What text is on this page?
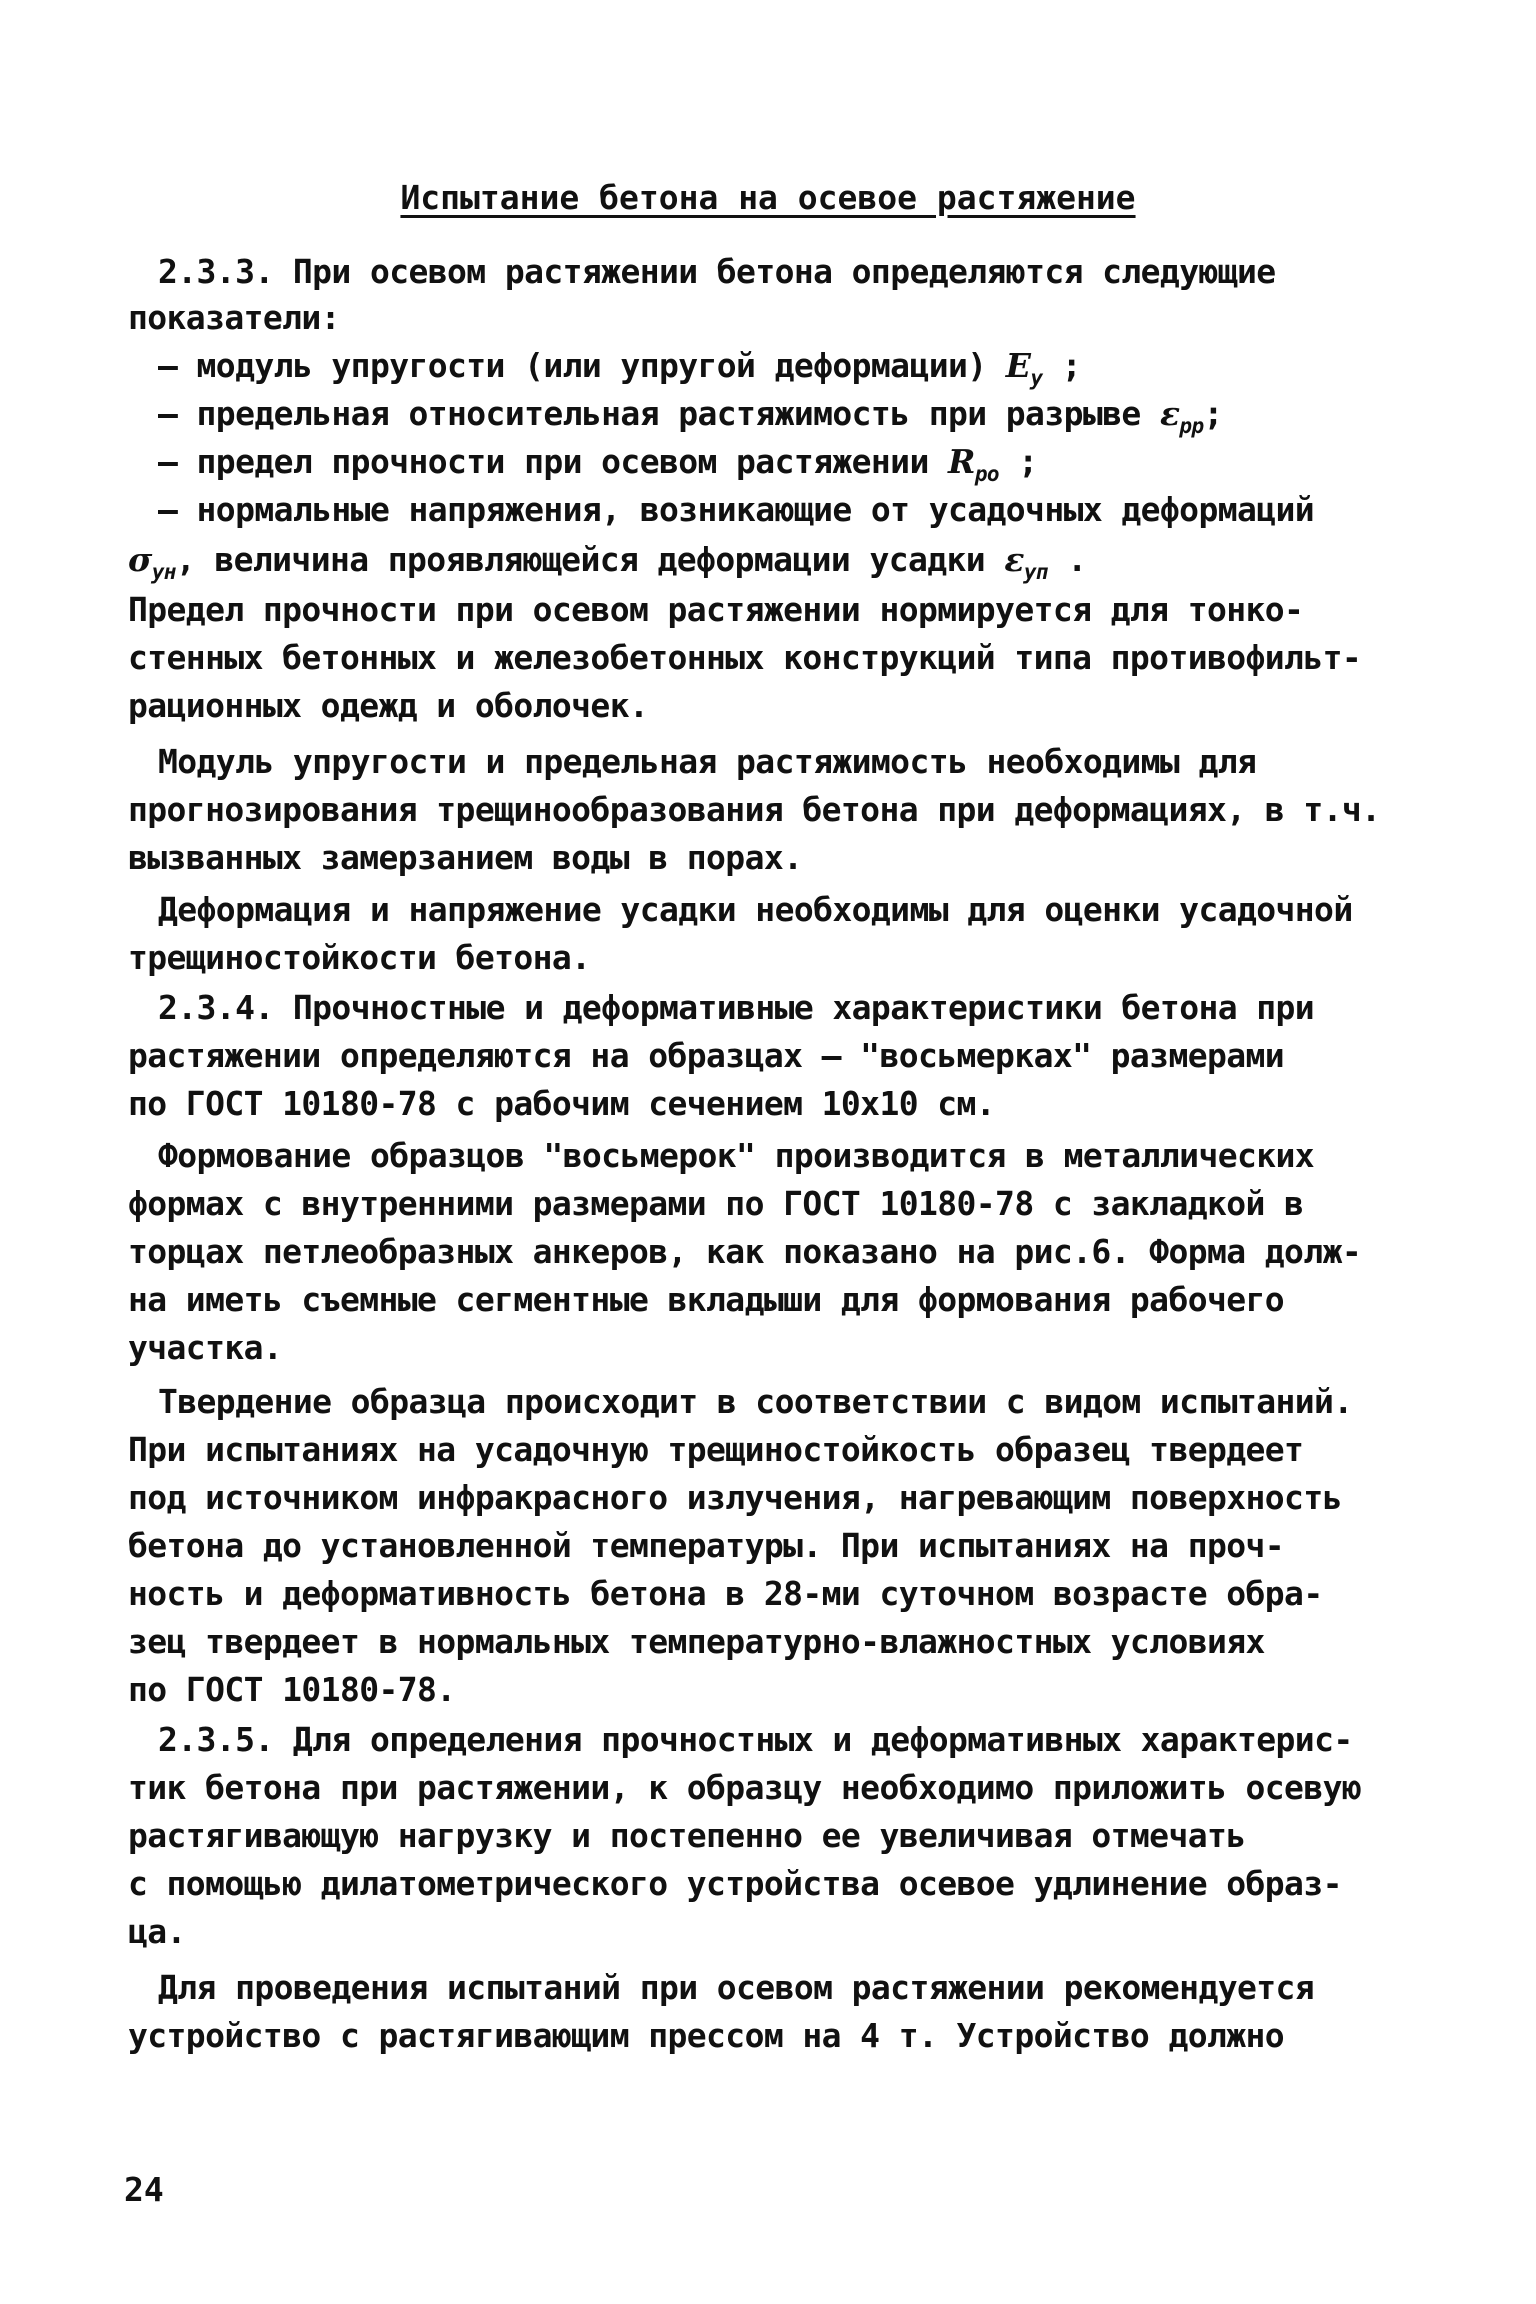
Испытание бетона на осевое растяжение
2.3.3. При осевом растяжении бетона определяются следующие
показатели:
– модуль упругости (или упругой деформации) $E_у$ ;
– предельная относительная растяжимость при разрыве $\varepsilon_{рр}$;
– предел прочности при осевом растяжении $R_{ро}$ ;
– нормальные напряжения, возникающие от усадочных деформаций
$\sigma_{ун}$, величина проявляющейся деформации усадки $\varepsilon_{уп}$ .
Предел прочности при осевом растяжении нормируется для тонко-
стенных бетонных и железобетонных конструкций типа противофильт-
рационных одежд и оболочек.
Модуль упругости и предельная растяжимость необходимы для
прогнозирования трещинообразования бетона при деформациях, в т.ч.
вызванных замерзанием воды в порах.
Деформация и напряжение усадки необходимы для оценки усадочной
трещиностойкости бетона.
2.3.4. Прочностные и деформативные характеристики бетона при
растяжении определяются на образцах – "восьмерках" размерами
по ГОСТ 10180-78 с рабочим сечением 10x10 см.
Формование образцов "восьмерок" производится в металлических
формах с внутренними размерами по ГОСТ 10180-78 с закладкой в
торцах петлеобразных анкеров, как показано на рис.6. Форма долж-
на иметь съемные сегментные вкладыши для формования рабочего
участка.
Твердение образца происходит в соответствии с видом испытаний.
При испытаниях на усадочную трещиностойкость образец твердеет
под источником инфракрасного излучения, нагревающим поверхность
бетона до установленной температуры. При испытаниях на проч-
ность и деформативность бетона в 28-ми суточном возрасте обра-
зец твердеет в нормальных температурно-влажностных условиях
по ГОСТ 10180-78.
2.3.5. Для определения прочностных и деформативных характерис-
тик бетона при растяжении, к образцу необходимо приложить осевую
растягивающую нагрузку и постепенно ее увеличивая отмечать
с помощью дилатометрического устройства осевое удлинение образ-
ца.
Для проведения испытаний при осевом растяжении рекомендуется
устройство с растягивающим прессом на 4 т. Устройство должно
24
